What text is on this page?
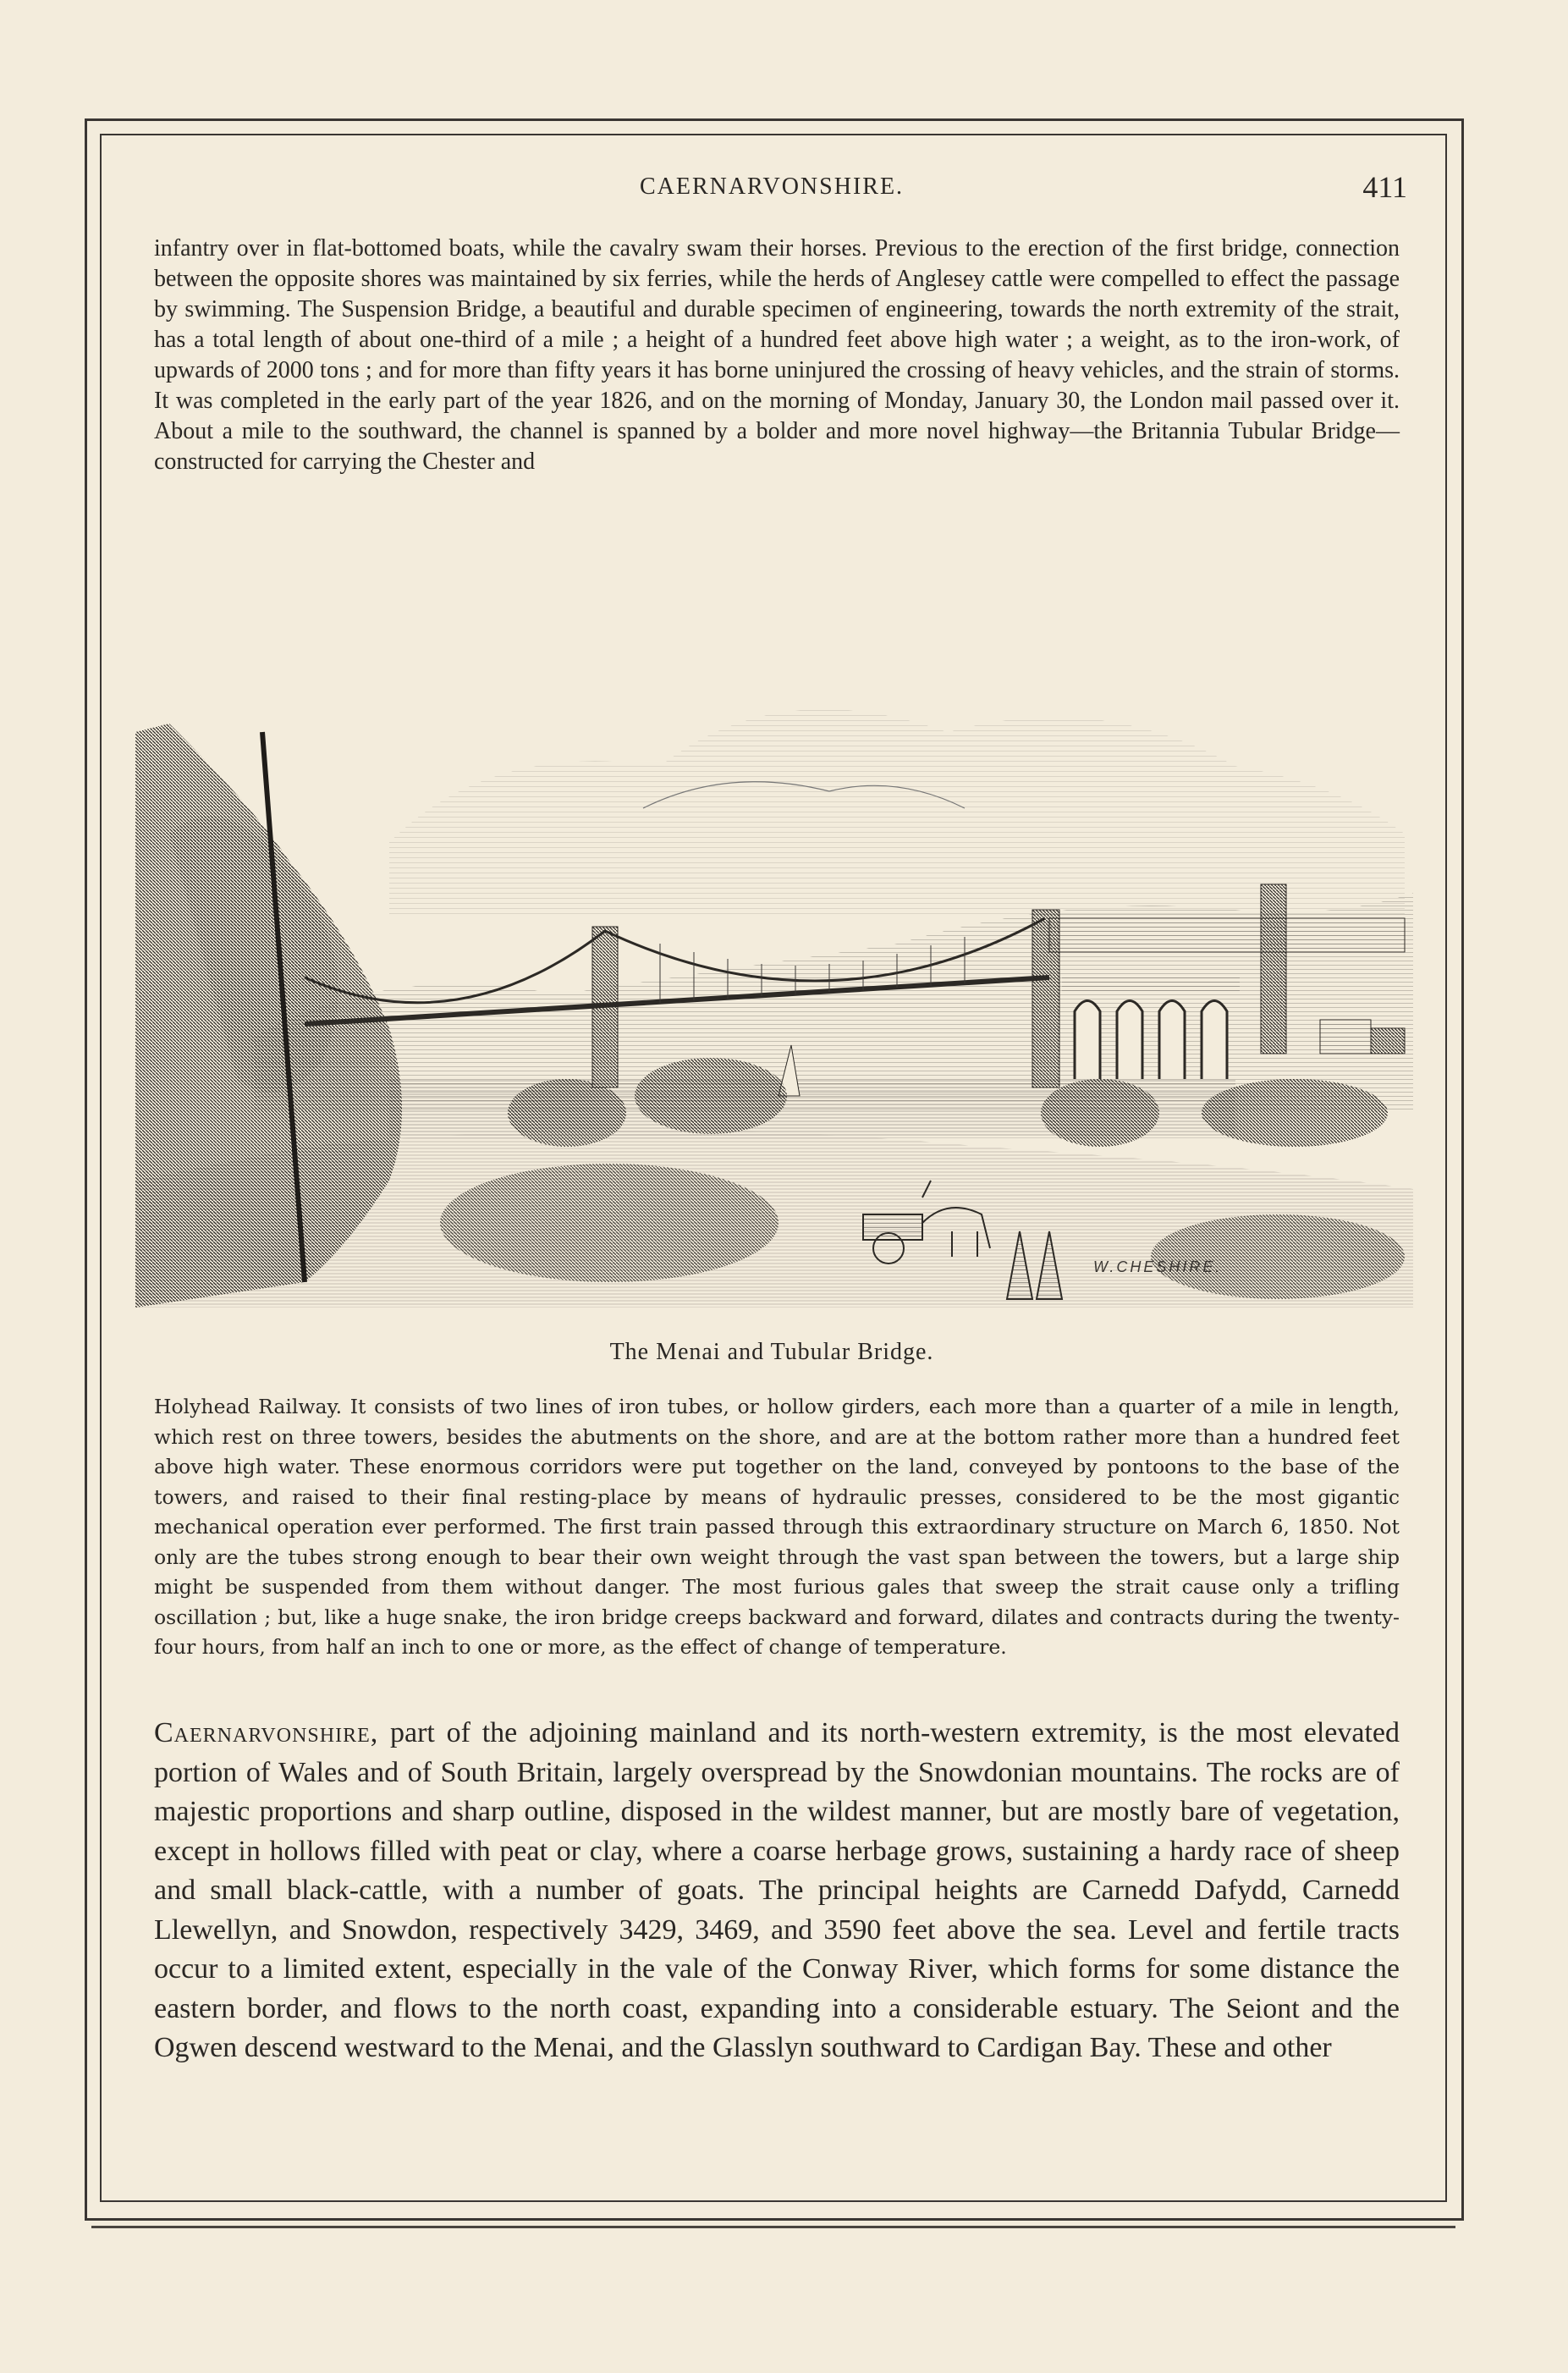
CAERNARVONSHIRE.	411

infantry over in flat-bottomed boats, while the cavalry swam their horses. Previous to the erection of the first bridge, connection between the opposite shores was maintained by six ferries, while the herds of Anglesey cattle were compelled to effect the passage by swimming. The Suspension Bridge, a beautiful and durable specimen of engineering, towards the north extremity of the strait, has a total length of about one-third of a mile ; a height of a hundred feet above high water ; a weight, as to the iron-work, of upwards of 2000 tons ; and for more than fifty years it has borne uninjured the crossing of heavy vehicles, and the strain of storms. It was completed in the early part of the year 1826, and on the morning of Monday, January 30, the London mail passed over it. About a mile to the southward, the channel is spanned by a bolder and more novel highway—the Britannia Tubular Bridge—constructed for carrying the Chester and

W.CHESHIRE.
The Menai and Tubular Bridge.

Holyhead Railway. It consists of two lines of iron tubes, or hollow girders, each more than a quarter of a mile in length, which rest on three towers, besides the abutments on the shore, and are at the bottom rather more than a hundred feet above high water. These enormous corridors were put together on the land, conveyed by pontoons to the base of the towers, and raised to their final resting-place by means of hydraulic presses, considered to be the most gigantic mechanical operation ever performed. The first train passed through this extraordinary structure on March 6, 1850. Not only are the tubes strong enough to bear their own weight through the vast span between the towers, but a large ship might be suspended from them without danger. The most furious gales that sweep the strait cause only a trifling oscillation ; but, like a huge snake, the iron bridge creeps backward and forward, dilates and contracts during the twenty-four hours, from half an inch to one or more, as the effect of change of temperature.

Caernarvonshire, part of the adjoining mainland and its north-western extremity, is the most elevated portion of Wales and of South Britain, largely overspread by the Snowdonian mountains. The rocks are of majestic proportions and sharp outline, disposed in the wildest manner, but are mostly bare of vegetation, except in hollows filled with peat or clay, where a coarse herbage grows, sustaining a hardy race of sheep and small black-cattle, with a number of goats. The principal heights are Carnedd Dafydd, Carnedd Llewellyn, and Snowdon, respectively 3429, 3469, and 3590 feet above the sea. Level and fertile tracts occur to a limited extent, especially in the vale of the Conway River, which forms for some distance the eastern border, and flows to the north coast, expanding into a considerable estuary. The Seiont and the Ogwen descend westward to the Menai, and the Glasslyn southward to Cardigan Bay. These and other
